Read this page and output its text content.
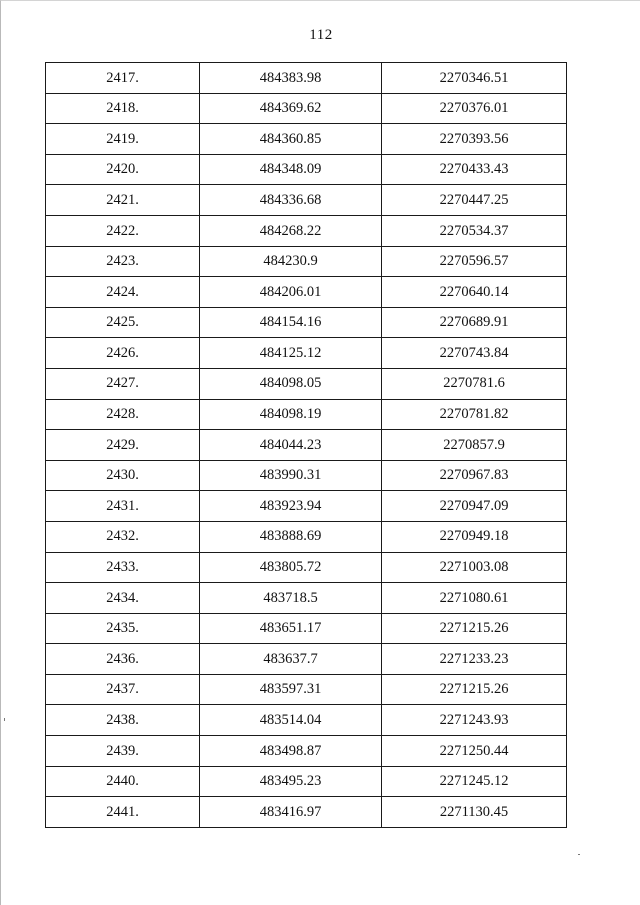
112
2417.	484383.98	2270346.51
2418.	484369.62	2270376.01
2419.	484360.85	2270393.56
2420.	484348.09	2270433.43
2421.	484336.68	2270447.25
2422.	484268.22	2270534.37
2423.	484230.9	2270596.57
2424.	484206.01	2270640.14
2425.	484154.16	2270689.91
2426.	484125.12	2270743.84
2427.	484098.05	2270781.6
2428.	484098.19	2270781.82
2429.	484044.23	2270857.9
2430.	483990.31	2270967.83
2431.	483923.94	2270947.09
2432.	483888.69	2270949.18
2433.	483805.72	2271003.08
2434.	483718.5	2271080.61
2435.	483651.17	2271215.26
2436.	483637.7	2271233.23
2437.	483597.31	2271215.26
2438.	483514.04	2271243.93
2439.	483498.87	2271250.44
2440.	483495.23	2271245.12
2441.	483416.97	2271130.45
